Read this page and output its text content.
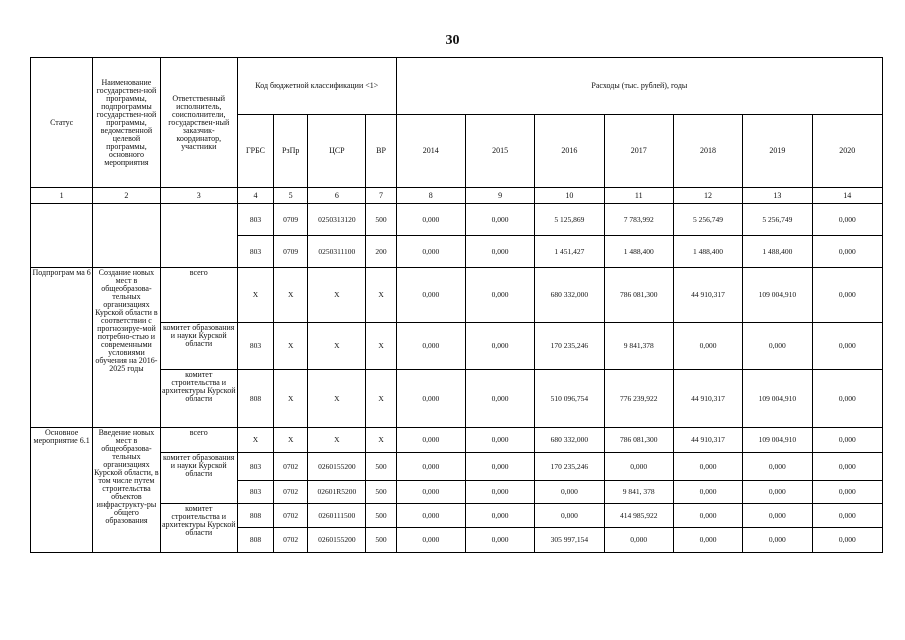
30
Статус	Наименование государствен-ной программы, подпрограммы государствен-ной программы, ведомственной целевой программы, основного мероприятия	Ответственный исполнитель, соисполнители, государствен-ный заказчик-координатор, участники	Код бюджетной классификации <1>				Расходы (тыс. рублей), годы						
			ГРБС	РзПр	ЦСР	ВР	2014	2015	2016	2017	2018	2019	2020
1	2	3	4	5	6	7	8	9	10	11	12	13	14
			803	0709	0250313120	500	0,000	0,000	5 125,869	7 783,992	5 256,749	5 256,749	0,000
			803	0709	0250311100	200	0,000	0,000	1 451,427	1 488,400	1 488,400	1 488,400	0,000
Подпрограм ма 6	Создание новых мест в общеобразова-тельных организациях Курской области в соответствии с прогнозируе-мой потребно-стью и современными условиями обучения на 2016-2025 годы	всего	X	X	X	X	0,000	0,000	680 332,000	786 081,300	44 910,317	109 004,910	0,000
		комитет образования и науки Курской области	803	X	X	X	0,000	0,000	170 235,246	9 841,378	0,000	0,000	0,000
		комитет строительства и архитектуры Курской области	808	X	X	X	0,000	0,000	510 096,754	776 239,922	44 910,317	109 004,910	0,000
Основное мероприятие 6.1	Введение новых мест в общеобразова-тельных организациях Курской области, в том числе путем строительства объектов инфраструкту-ры общего образования	всего	X	X	X	X	0,000	0,000	680 332,000	786 081,300	44 910,317	109 004,910	0,000
		комитет образования и науки Курской области	803	0702	0260155200	500	0,000	0,000	170 235,246	0,000	0,000	0,000	0,000
			803	0702	02601R5200	500	0,000	0,000	0,000	9 841, 378	0,000	0,000	0,000
		комитет строительства и архитектуры Курской области	808	0702	0260111500	500	0,000	0,000	0,000	414 985,922	0,000	0,000	0,000
			808	0702	0260155200	500	0,000	0,000	305 997,154	0,000	0,000	0,000	0,000
